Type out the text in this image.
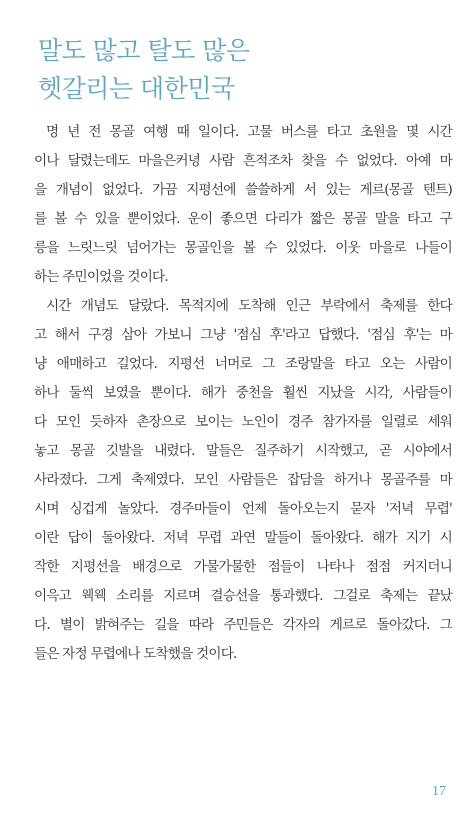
말도 많고 탈도 많은
헷갈리는 대한민국
명 년 전 몽골 여행 때 일이다. 고물 버스를 타고 초원을 몇 시간
이나 달렸는데도 마을은커녕 사람 흔적조차 찾을 수 없었다. 아예 마
을 개념이 없었다. 가끔 지평선에 쓸쓸하게 서 있는 게르(몽골 텐트)
를 볼 수 있을 뿐이었다. 운이 좋으면 다리가 짧은 몽골 말을 타고 구
릉을 느릿느릿 넘어가는 몽골인을 볼 수 있었다. 이웃 마을로 나들이
하는 주민이었을 것이다.
시간 개념도 달랐다. 목적지에 도착해 인근 부락에서 축제를 한다
고 해서 구경 삼아 가보니 그냥 '점심 후'라고 답했다. '점심 후'는 마
냥 애매하고 길었다. 지평선 너머로 그 조랑말을 타고 오는 사람이
하나 둘씩 보였을 뿐이다. 해가 중천을 훨씬 지났을 시각, 사람들이
다 모인 듯하자 촌장으로 보이는 노인이 경주 참가자를 일렬로 세워
놓고 몽골 깃발을 내렸다. 말들은 질주하기 시작했고, 곧 시야에서
사라졌다. 그게 축제였다. 모인 사람들은 잡담을 하거나 몽골주를 마
시며 싱겁게 놀았다. 경주마들이 언제 돌아오는지 묻자 '저녁 무렵'
이란 답이 돌아왔다. 저녁 무렵 과연 말들이 돌아왔다. 해가 지기 시
작한 지평선을 배경으로 가물가물한 점들이 나타나 점점 커지더니
이윽고 웩웩 소리를 지르며 결승선을 통과했다. 그걸로 축제는 끝났
다. 별이 밝혀주는 길을 따라 주민들은 각자의 게르로 돌아갔다. 그
들은 자정 무렵에나 도착했을 것이다.
17
